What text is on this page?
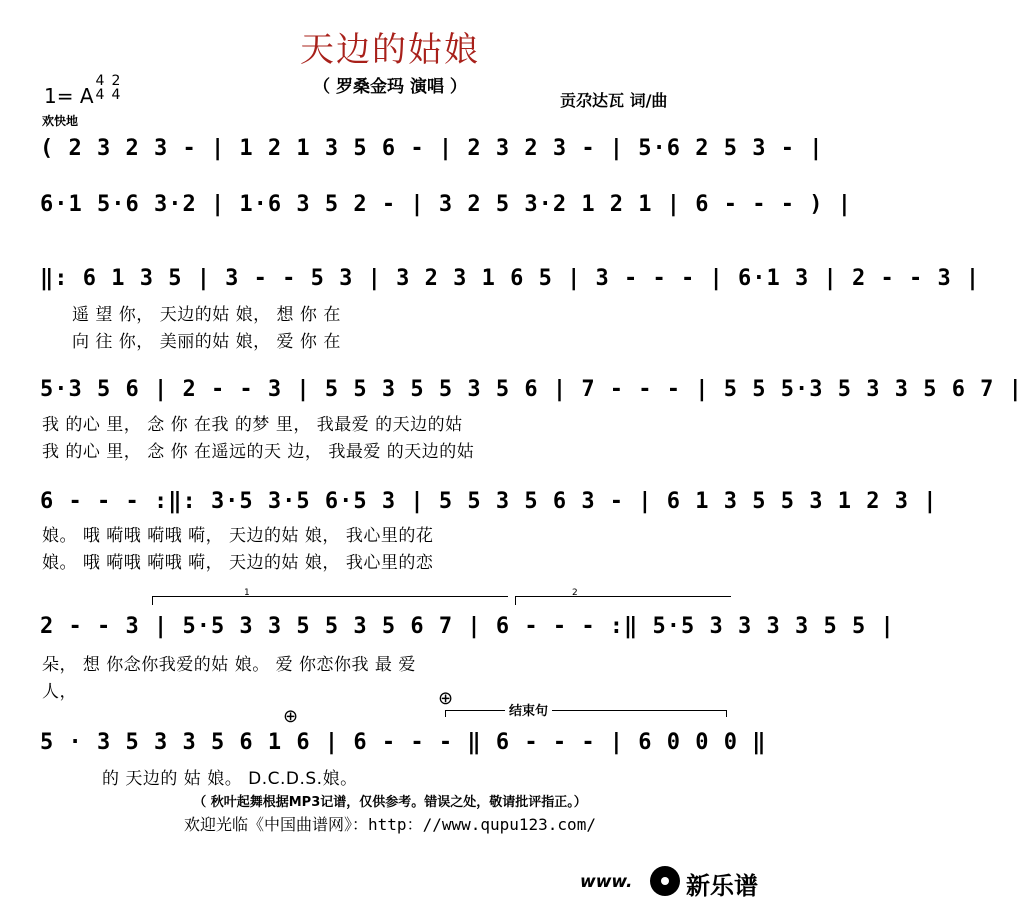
天边的姑娘
（ 罗桑金玛 演唱 ）
1= A
4 2
4 4	贡尕达瓦 词/曲
欢快地
( 2 3 2 3 - | 1 2 1 3 5 6 - | 2 3 2 3 - | 5·6 2 5 3 - |
6·1 5·6 3·2 | 1·6 3 5 2 - | 3 2 5 3·2 1 2 1 | 6 - - - ) |
‖: 6 1 3 5 | 3 - - 5 3 | 3 2 3 1 6 5 | 3 - - - | 6·1 3 | 2 - - 3 |
遥 望 你， 天边的姑 娘， 想 你 在
向 往 你， 美丽的姑 娘， 爱 你 在
5·3 5 6 | 2 - - 3 | 5 5 3 5 5 3 5 6 | 7 - - - | 5 5 5·3 5 3 3 5 6 7 |
我 的心 里， 念 你 在我 的梦 里， 我最爱 的天边的姑
我 的心 里， 念 你 在遥远的天 边， 我最爱 的天边的姑
6 - - - :‖: 3·5 3·5 6·5 3 | 5 5 3 5 6 3 - | 6 1 3 5 5 3 1 2 3 |
娘。 哦 嗬哦 嗬哦 嗬， 天边的姑 娘， 我心里的花
娘。 哦 嗬哦 嗬哦 嗬， 天边的姑 娘， 我心里的恋
1	2
2 - - 3 | 5·5 3 3 5 5 3 5 6 7 | 6 - - - :‖ 5·5 3 3 3 3 5 5 |
朵， 想 你念你我爱的姑 娘。 爱 你恋你我 最 爱
人，	⊕
结束句
⊕
5 · 3 5 3 3 5 6 1 6 | 6 - - - ‖ 6 - - - | 6 0 0 0 ‖
的 天边的 姑 娘。 D.C.D.S.娘。
（ 秋叶起舞根据MP3记谱，仅供参考。错误之处，敬请批评指正。）
欢迎光临《中国曲谱网》：http：//www.qupu123.com/
www. 新乐谱
